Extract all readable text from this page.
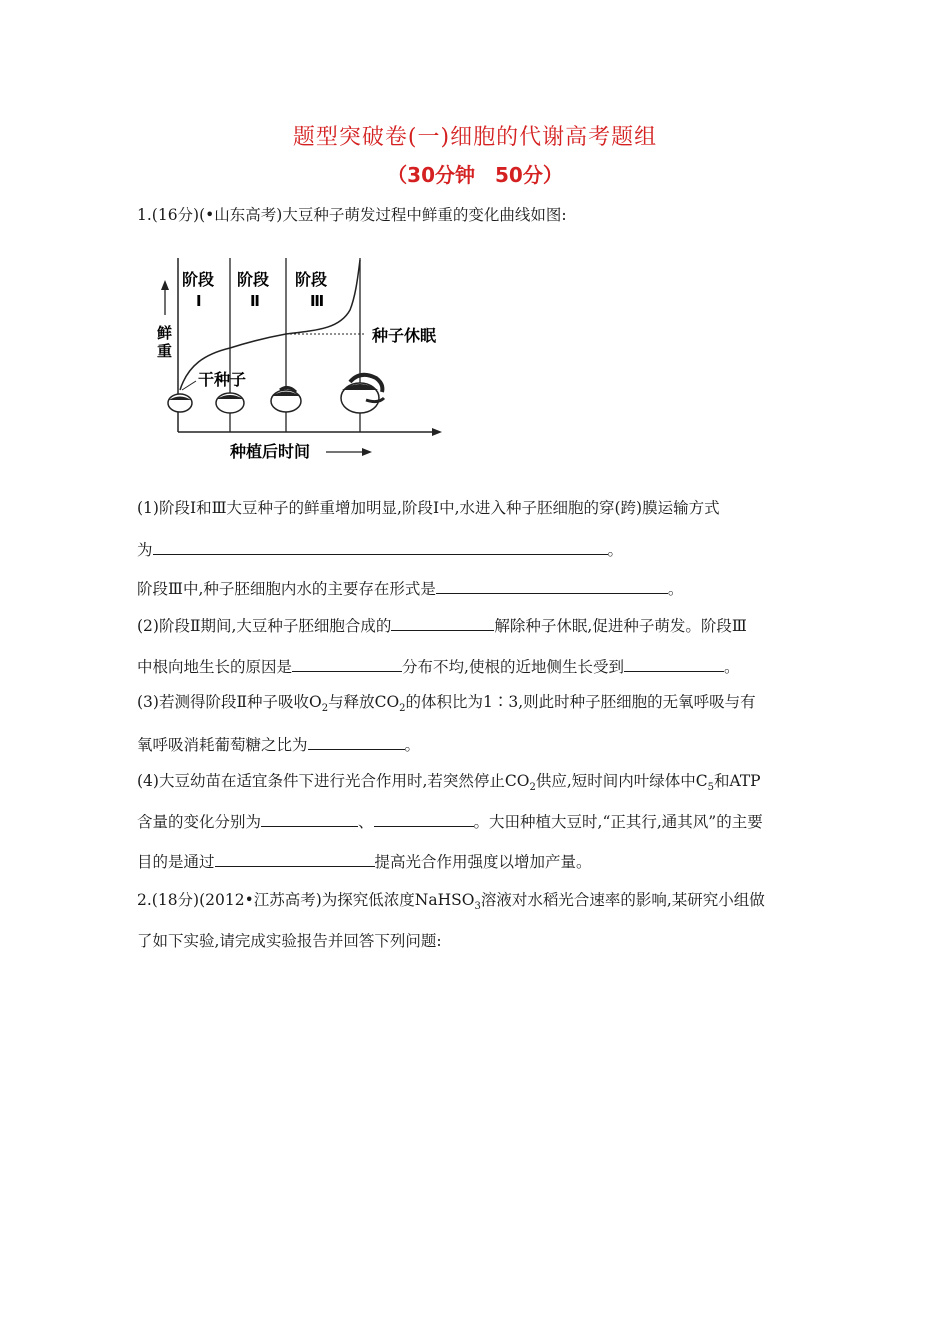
题型突破卷(一)细胞的代谢高考题组
（30分钟　50分）
1.(16分)(•山东高考)大豆种子萌发过程中鲜重的变化曲线如图:
阶段
Ⅰ
阶段
Ⅱ
阶段
Ⅲ
鲜
重
种子休眠
干种子
种植后时间
(1)阶段Ⅰ和Ⅲ大豆种子的鲜重增加明显,阶段Ⅰ中,水进入种子胚细胞的穿(跨)膜运输方式
为	。
阶段Ⅲ中,种子胚细胞内水的主要存在形式是	。
(2)阶段Ⅱ期间,大豆种子胚细胞合成的	解除种子休眠,促进种子萌发。阶段Ⅲ
中根向地生长的原因是	分布不均,使根的近地侧生长受到	。
(3)若测得阶段Ⅱ种子吸收$O_2$与释放$CO_2$的体积比为1∶3,则此时种子胚细胞的无氧呼吸与有
氧呼吸消耗葡萄糖之比为	。
(4)大豆幼苗在适宜条件下进行光合作用时,若突然停止$CO_2$供应,短时间内叶绿体中$C_5$和ATP
含量的变化分别为	、	。大田种植大豆时,“正其行,通其风”的主要
目的是通过	提高光合作用强度以增加产量。
2.(18分)(2012•江苏高考)为探究低浓度NaHSO$_3$溶液对水稻光合速率的影响,某研究小组做
了如下实验,请完成实验报告并回答下列问题:
